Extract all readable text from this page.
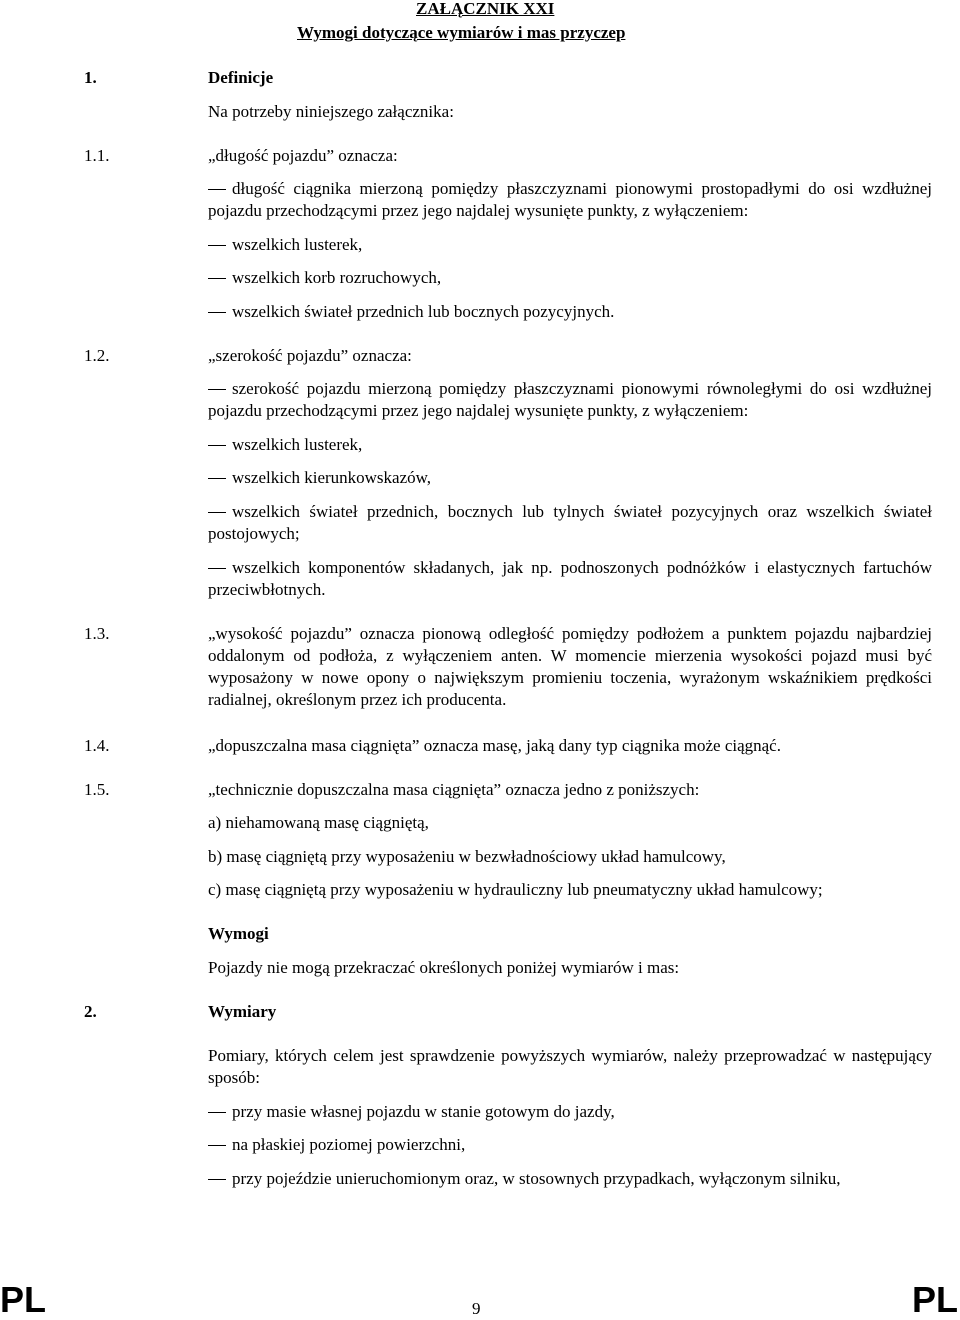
ZAŁĄCZNIK XXI
Wymogi dotyczące wymiarów i mas przyczep
1.	Definicje
Na potrzeby niniejszego załącznika:
1.1.	„długość pojazdu” oznacza:
długość ciągnika mierzoną pomiędzy płaszczyznami pionowymi prostopadłymi do osi wzdłużnej pojazdu przechodzącymi przez jego najdalej wysunięte punkty, z wyłączeniem:
wszelkich lusterek,
wszelkich korb rozruchowych,
wszelkich świateł przednich lub bocznych pozycyjnych.
1.2.	„szerokość pojazdu” oznacza:
szerokość pojazdu mierzoną pomiędzy płaszczyznami pionowymi równoległymi do osi wzdłużnej pojazdu przechodzącymi przez jego najdalej wysunięte punkty, z wyłączeniem:
wszelkich lusterek,
wszelkich kierunkowskazów,
wszelkich świateł przednich, bocznych lub tylnych świateł pozycyjnych oraz wszelkich świateł postojowych;
wszelkich komponentów składanych, jak np. podnoszonych podnóżków i elastycznych fartuchów przeciwbłotnych.
1.3.	„wysokość pojazdu” oznacza pionową odległość pomiędzy podłożem a punktem pojazdu najbardziej oddalonym od podłoża, z wyłączeniem anten. W momencie mierzenia wysokości pojazd musi być wyposażony w nowe opony o największym promieniu toczenia, wyrażonym wskaźnikiem prędkości radialnej, określonym przez ich producenta.
1.4.	„dopuszczalna masa ciągnięta” oznacza masę, jaką dany typ ciągnika może ciągnąć.
1.5.	„technicznie dopuszczalna masa ciągnięta” oznacza jedno z poniższych:
a) niehamowaną masę ciągniętą,
b) masę ciągniętą przy wyposażeniu w bezwładnościowy układ hamulcowy,
c) masę ciągniętą przy wyposażeniu w hydrauliczny lub pneumatyczny układ hamulcowy;
Wymogi
Pojazdy nie mogą przekraczać określonych poniżej wymiarów i mas:
2.	Wymiary
Pomiary, których celem jest sprawdzenie powyższych wymiarów, należy przeprowadzać w następujący sposób:
przy masie własnej pojazdu w stanie gotowym do jazdy,
na płaskiej poziomej powierzchni,
przy pojeździe unieruchomionym oraz, w stosownych przypadkach, wyłączonym silniku,
PL	9	PL
